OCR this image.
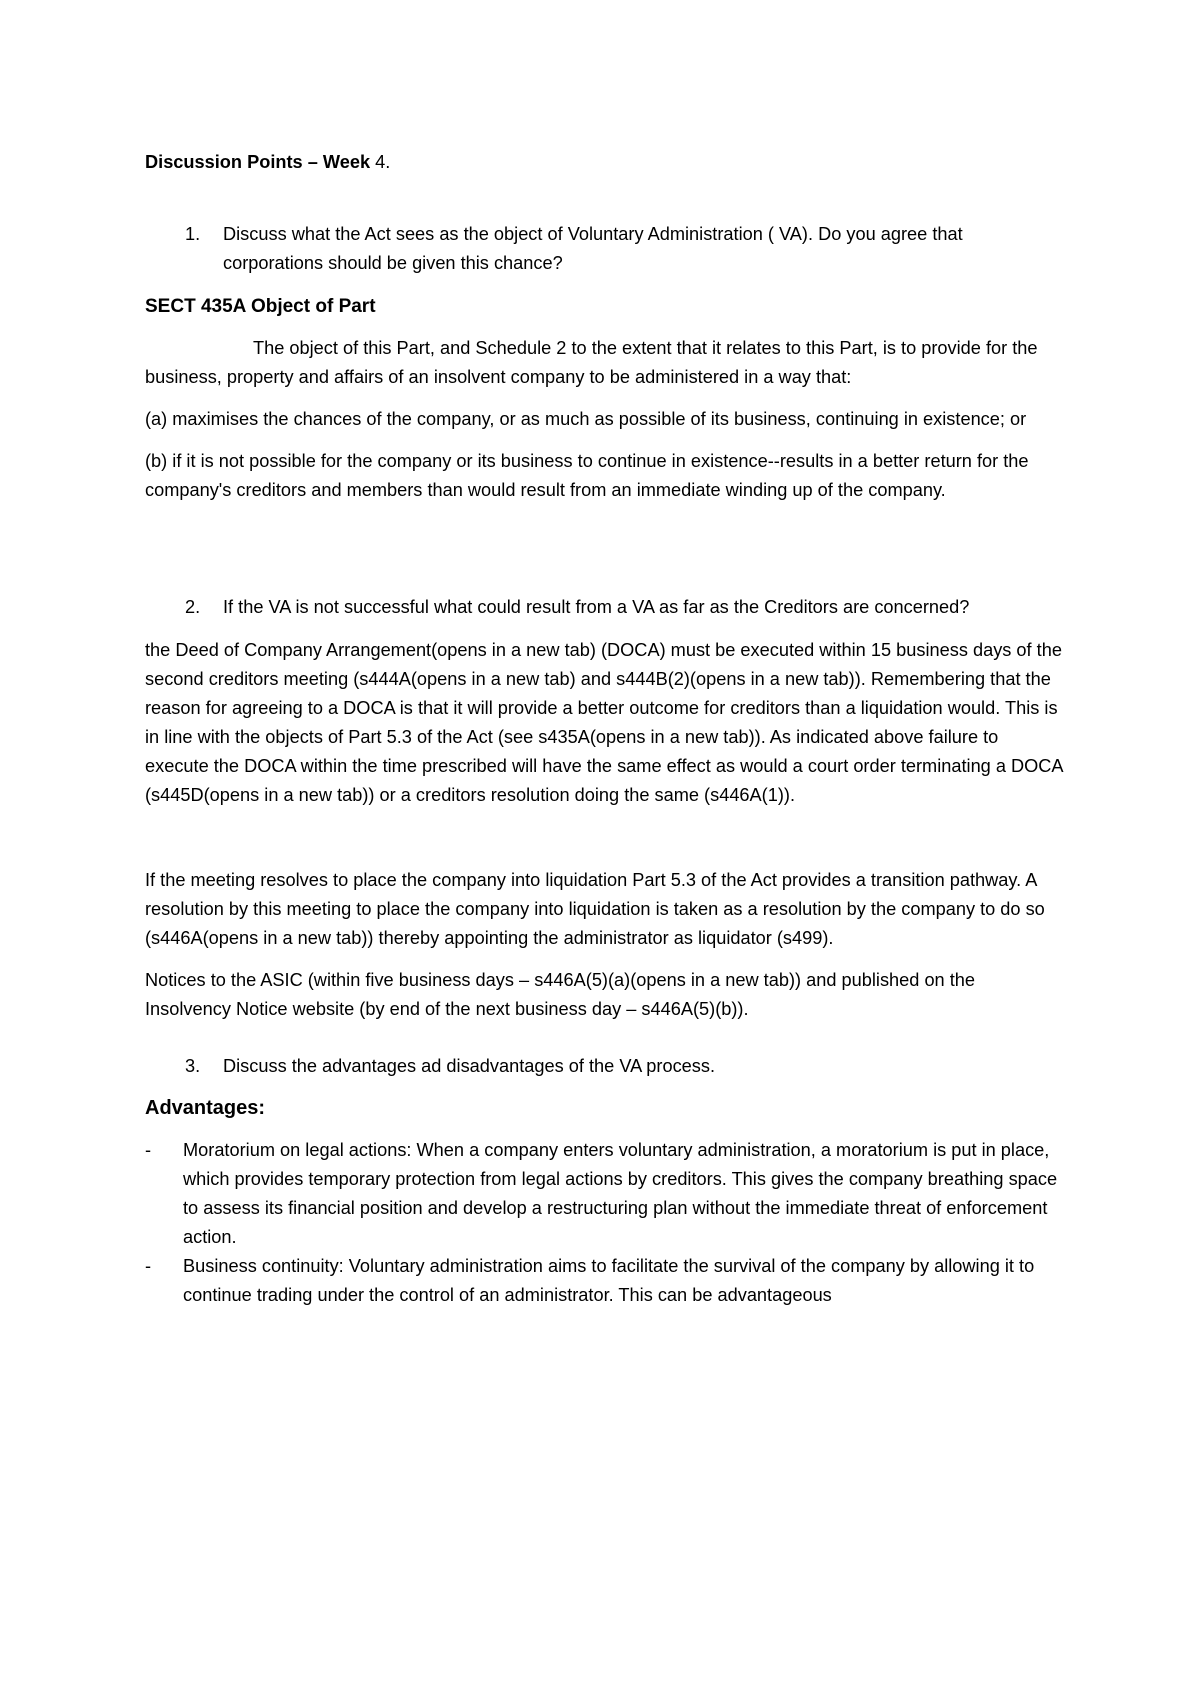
Discussion Points – Week 4.

1.	Discuss what the Act sees as the object of Voluntary Administration ( VA). Do you agree that corporations should be given this chance?

SECT 435A Object of Part

The object of this Part, and Schedule 2 to the extent that it relates to this Part, is to provide for the business, property and affairs of an insolvent company to be administered in a way that:

(a) maximises the chances of the company, or as much as possible of its business, continuing in existence; or

(b) if it is not possible for the company or its business to continue in existence--results in a better return for the company's creditors and members than would result from an immediate winding up of the company.

2.	If the VA is not successful what could result from a VA as far as the Creditors are concerned?

the Deed of Company Arrangement(opens in a new tab) (DOCA) must be executed within 15 business days of the second creditors meeting (s444A(opens in a new tab) and s444B(2)(opens in a new tab)). Remembering that the reason for agreeing to a DOCA is that it will provide a better outcome for creditors than a liquidation would. This is in line with the objects of Part 5.3 of the Act (see s435A(opens in a new tab)). As indicated above failure to execute the DOCA within the time prescribed will have the same effect as would a court order terminating a DOCA (s445D(opens in a new tab)) or a creditors resolution doing the same (s446A(1)).

If the meeting resolves to place the company into liquidation Part 5.3 of the Act provides a transition pathway. A resolution by this meeting to place the company into liquidation is taken as a resolution by the company to do so (s446A(opens in a new tab)) thereby appointing the administrator as liquidator (s499).

Notices to the ASIC (within five business days – s446A(5)(a)(opens in a new tab)) and published on the Insolvency Notice website (by end of the next business day – s446A(5)(b)).

3.	Discuss the advantages ad disadvantages of the VA process.

Advantages:

-	Moratorium on legal actions: When a company enters voluntary administration, a moratorium is put in place, which provides temporary protection from legal actions by creditors. This gives the company breathing space to assess its financial position and develop a restructuring plan without the immediate threat of enforcement action.
-	Business continuity: Voluntary administration aims to facilitate the survival of the company by allowing it to continue trading under the control of an administrator. This can be advantageous
